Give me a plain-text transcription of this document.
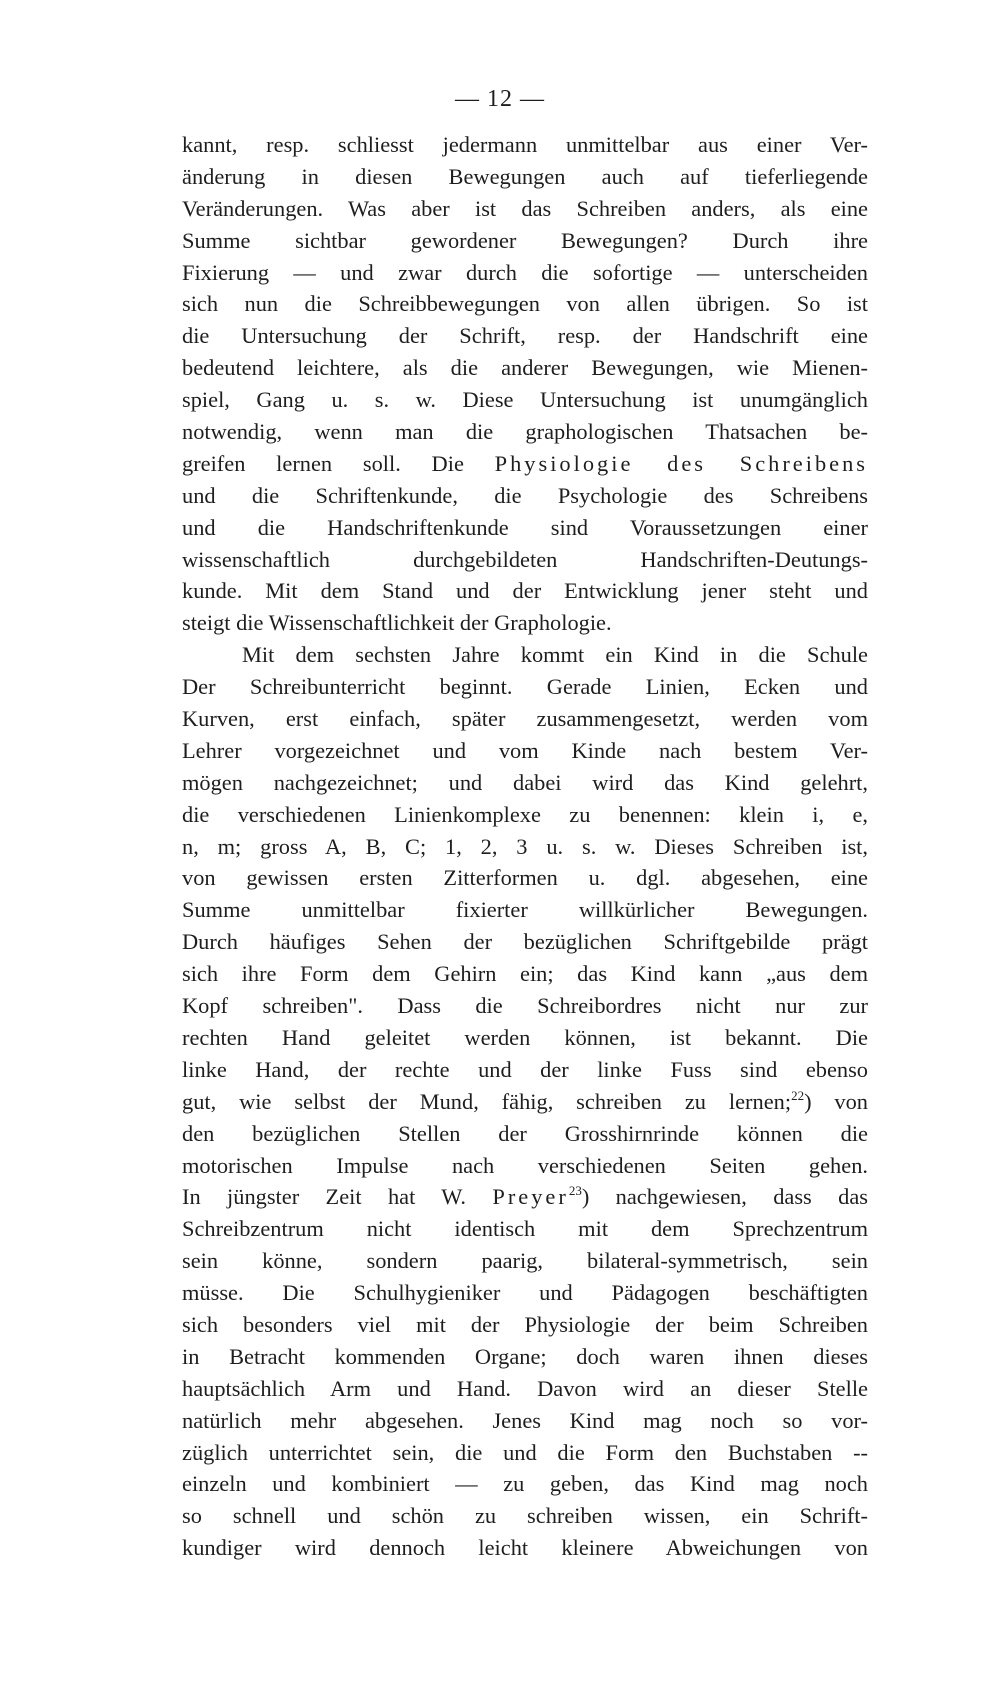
— 12 —
kannt, resp. schliesst jedermann unmittelbar aus einer Ver-
änderung in diesen Bewegungen auch auf tieferliegende
Veränderungen. Was aber ist das Schreiben anders, als eine
Summe sichtbar gewordener Bewegungen? Durch ihre
Fixierung — und zwar durch die sofortige — unterscheiden
sich nun die Schreibbewegungen von allen übrigen. So ist
die Untersuchung der Schrift, resp. der Handschrift eine
bedeutend leichtere, als die anderer Bewegungen, wie Mienen-
spiel, Gang u. s. w. Diese Untersuchung ist unumgänglich
notwendig, wenn man die graphologischen Thatsachen be-
greifen lernen soll. Die Physiologie des Schreibens
und die Schriftenkunde, die Psychologie des Schreibens
und die Handschriftenkunde sind Voraussetzungen einer
wissenschaftlich durchgebildeten Handschriften-Deutungs-
kunde. Mit dem Stand und der Entwicklung jener steht und
steigt die Wissenschaftlichkeit der Graphologie.
Mit dem sechsten Jahre kommt ein Kind in die Schule
Der Schreibunterricht beginnt. Gerade Linien, Ecken und
Kurven, erst einfach, später zusammengesetzt, werden vom
Lehrer vorgezeichnet und vom Kinde nach bestem Ver-
mögen nachgezeichnet; und dabei wird das Kind gelehrt,
die verschiedenen Linienkomplexe zu benennen: klein i, e,
n, m; gross A, B, C; 1, 2, 3 u. s. w. Dieses Schreiben ist,
von gewissen ersten Zitterformen u. dgl. abgesehen, eine
Summe unmittelbar fixierter willkürlicher Bewegungen.
Durch häufiges Sehen der bezüglichen Schriftgebilde prägt
sich ihre Form dem Gehirn ein; das Kind kann „aus dem
Kopf schreiben". Dass die Schreibordres nicht nur zur
rechten Hand geleitet werden können, ist bekannt. Die
linke Hand, der rechte und der linke Fuss sind ebenso
gut, wie selbst der Mund, fähig, schreiben zu lernen;$^{22}$) von
den bezüglichen Stellen der Grosshirnrinde können die
motorischen Impulse nach verschiedenen Seiten gehen.
In jüngster Zeit hat W. Preyer$^{23}$) nachgewiesen, dass das
Schreibzentrum nicht identisch mit dem Sprechzentrum
sein könne, sondern paarig, bilateral-symmetrisch, sein
müsse. Die Schulhygieniker und Pädagogen beschäftigten
sich besonders viel mit der Physiologie der beim Schreiben
in Betracht kommenden Organe; doch waren ihnen dieses
hauptsächlich Arm und Hand. Davon wird an dieser Stelle
natürlich mehr abgesehen. Jenes Kind mag noch so vor-
züglich unterrichtet sein, die und die Form den Buchstaben --
einzeln und kombiniert — zu geben, das Kind mag noch
so schnell und schön zu schreiben wissen, ein Schrift-
kundiger wird dennoch leicht kleinere Abweichungen von
